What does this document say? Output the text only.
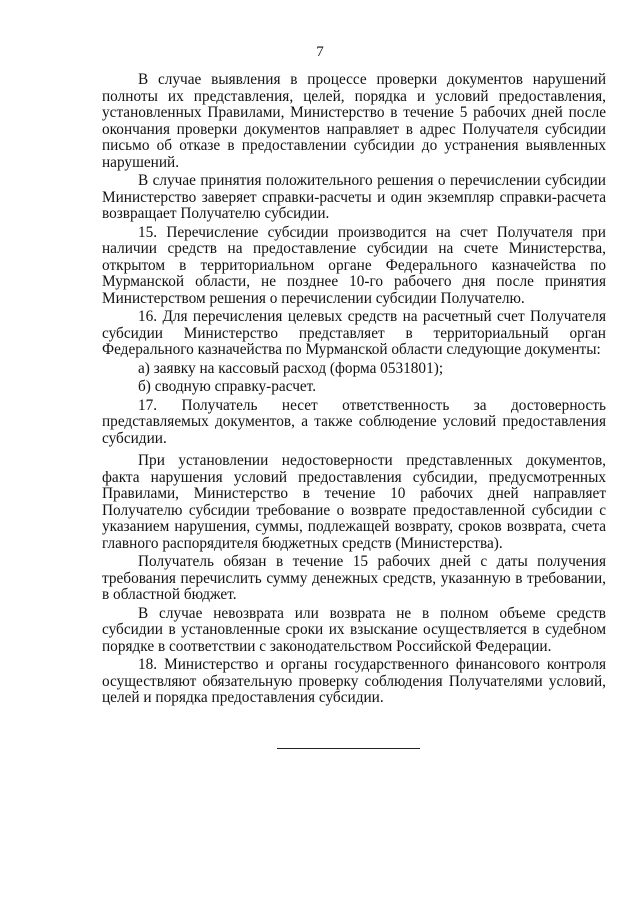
7

В случае выявления в процессе проверки документов нарушений полноты их представления, целей, порядка и условий предоставления, установленных Правилами, Министерство в течение 5 рабочих дней после окончания проверки документов направляет в адрес Получателя субсидии письмо об отказе в предоставлении субсидии до устранения выявленных нарушений.

В случае принятия положительного решения о перечислении субсидии Министерство заверяет справки-расчеты и один экземпляр справки-расчета возвращает Получателю субсидии.

15. Перечисление субсидии производится на счет Получателя при наличии средств на предоставление субсидии на счете Министерства, открытом в территориальном органе Федерального казначейства по Мурманской области, не позднее 10-го рабочего дня после принятия Министерством решения о перечислении субсидии Получателю.

16. Для перечисления целевых средств на расчетный счет Получателя субсидии Министерство представляет в территориальный орган Федерального казначейства по Мурманской области следующие документы:

а) заявку на кассовый расход (форма 0531801);

б) сводную справку-расчет.

17. Получатель несет ответственность за достоверность представляемых документов, а также соблюдение условий предоставления субсидии.

При установлении недостоверности представленных документов, факта нарушения условий предоставления субсидии, предусмотренных Правилами, Министерство в течение 10 рабочих дней направляет Получателю субсидии требование о возврате предоставленной субсидии с указанием нарушения, суммы, подлежащей возврату, сроков возврата, счета главного распорядителя бюджетных средств (Министерства).

Получатель обязан в течение 15 рабочих дней с даты получения требования перечислить сумму денежных средств, указанную в требовании, в областной бюджет.

В случае невозврата или возврата не в полном объеме средств субсидии в установленные сроки их взыскание осуществляется в судебном порядке в соответствии с законодательством Российской Федерации.

18. Министерство и органы государственного финансового контроля осуществляют обязательную проверку соблюдения Получателями условий, целей и порядка предоставления субсидии.
